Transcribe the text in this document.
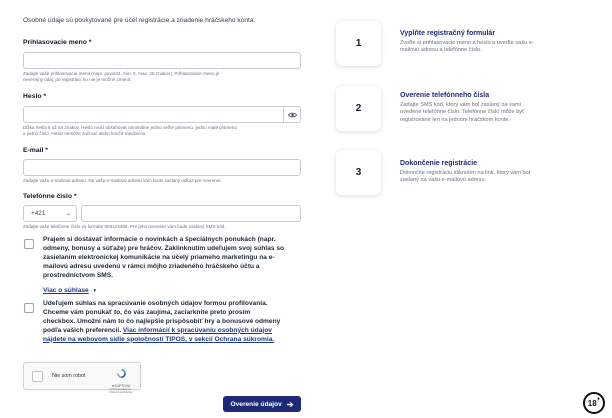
Osobné údaje sú poskytované pre účel registrácie a zriadenie hráčskeho konta.
Prihlasovacie meno *
Zadajte vaše prihlasovacie meno (napr. pavol24, min. 6, max. 25 znakov). Prihlasovacie meno je
neverejný údaj, po registrácii ho nie je možné zmeniť.
Heslo *
Dĺžka hesla 6 až 64 znakov. Heslo musí obsahovať minimálne jedno veľké písmeno, jedno malé písmeno
a jedno číslo. Heslo nemôže začínať alebo končiť medzerou.
E-mail *
Zadajte vašu e-mailovú adresu. Na vašu e-mailovú adresu vám bude zaslaný odkaz pre overenie.
Telefónne číslo *
+421	⌄
Zadajte vaše telefónne číslo vo formáte 903123456. Pre jeho overenie vám bude zaslaný SMS kód.
Prajem si dostávať informácie o novinkách a špeciálnych ponukách (napr.
odmeny, bonusy a súťaže) pre hráčov. Zaklinknutím udeľujem svoj súhlas so
zasielaním elektronickej komunikácie na účely priameho marketingu na e-
mailovú adresu uvedenú v rámci môjho zriadeného hráčskeho účtu a
prostredníctvom SMS.
Viac o súhlase ▾
Udeľujem súhlas na spracúvanie osobných údajov formou profilovania.
Chceme vám ponúkať to, čo vás zaujíma, zaciarknite preto prosím
checkbox. Umožní nám to čo najlepšie prispôsobiť hry a bonusové odmeny
podľa vašich preferencií. Viac informácií k spracúvaniu osobných údajov
nájdete na webovom sídle spoločnosti TIPOS, v sekcii Ochrana súkromia.
Nie som robot
reCAPTCHA
Ochrana súkromia · Zmluvné podmienky
Overenie údajov ➔
1
Vyplňte registračný formulár
Zvoľte si prihlasovacie meno a heslo a uveďte vašu e-
mailovú adresu a telefónne číslo.
2
Overenie telefónneho čísla
Zadajte SMS kód, ktorý vám bol zaslaný na vami
uvedené telefónne číslo. Telefónne číslo môže byť
registrované len na jednom hráčskom konte.
3
Dokončenie registrácie
Dokončite registráciu kliknutím na link, ktorý vám bol
zaslaný na vašu e-mailovú adresu.
18 +
